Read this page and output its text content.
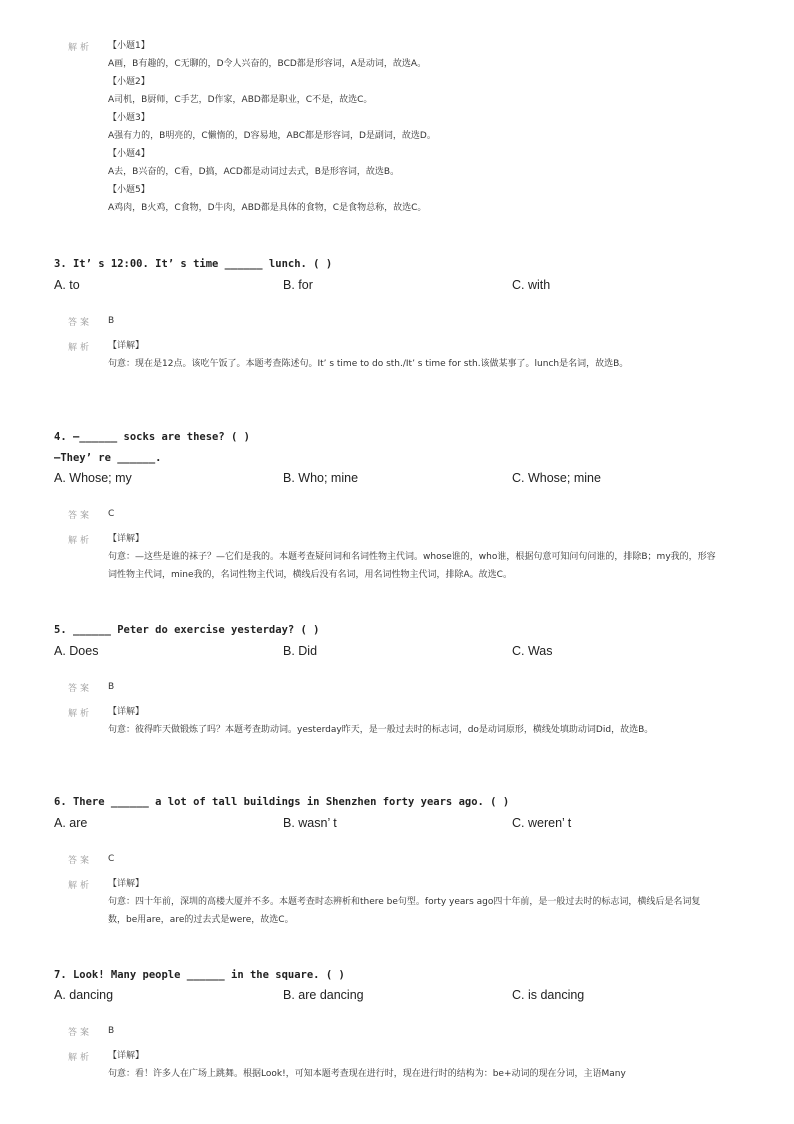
解析 【小题1】
A画，B有趣的，C无聊的，D令人兴奋的，BCD都是形容词，A是动词，故选A。
【小题2】
A司机，B厨师，C手艺，D作家，ABD都是职业，C不是，故选C。
【小题3】
A强有力的，B明亮的，C懒惰的，D容易地，ABC都是形容词，D是副词，故选D。
【小题4】
A去，B兴奋的，C看，D搞，ACD都是动词过去式，B是形容词，故选B。
【小题5】
A鸡肉，B火鸡，C食物，D牛肉，ABD都是具体的食物，C是食物总称，故选C。
3. It’ s 12:00. It’ s time ______ lunch. ( )
A. to	B. for	C. with
答案 B
解析 【详解】
句意：现在是12点。该吃午饭了。本题考查陈述句。It’ s time to do sth./It’ s time for sth.该做某事了。lunch是名词，故选B。
4. —______ socks are these? ( )
—They’ re ______.
A. Whose; my	B. Who; mine	C. Whose; mine
答案 C
解析 【详解】
句意：—这些是谁的袜子？—它们是我的。本题考查疑问词和名词性物主代词。whose谁的，who谁，根据句意可知问句问谁的，排除B；my我的，形容词性物主代词，mine我的，名词性物主代词，横线后没有名词，用名词性物主代词，排除A。故选C。
5. ______ Peter do exercise yesterday? ( )
A. Does	B. Did	C. Was
答案 B
解析 【详解】
句意：彼得昨天做锻炼了吗？本题考查助动词。yesterday昨天，是一般过去时的标志词，do是动词原形，横线处填助动词Did，故选B。
6. There ______ a lot of tall buildings in Shenzhen forty years ago. ( )
A. are	B. wasn’ t	C. weren’ t
答案 C
解析 【详解】
句意：四十年前，深圳的高楼大厦并不多。本题考查时态辨析和there be句型。forty years ago四十年前，是一般过去时的标志词，横线后是名词复数，be用are，are的过去式是were，故选C。
7. Look! Many people ______ in the square. ( )
A. dancing	B. are dancing	C. is dancing
答案 B
解析 【详解】
句意：看！许多人在广场上跳舞。根据Look!，可知本题考查现在进行时，现在进行时的结构为：be+动词的现在分词，主语Many
